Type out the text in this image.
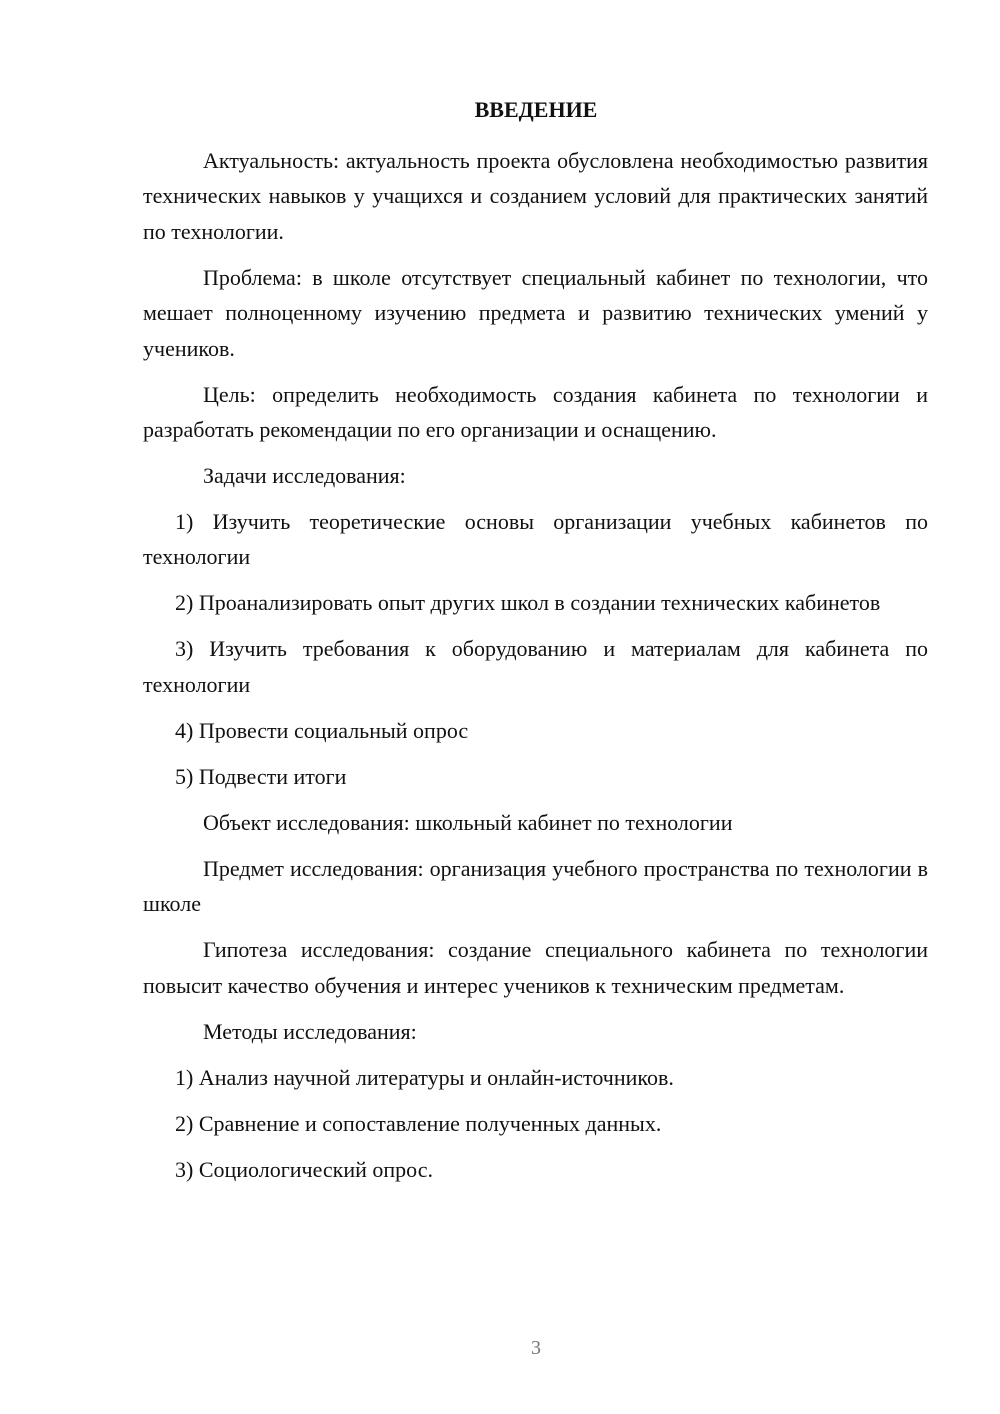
ВВЕДЕНИЕ

Актуальность: актуальность проекта обусловлена необходимостью развития технических навыков у учащихся и созданием условий для практических занятий по технологии.

Проблема: в школе отсутствует специальный кабинет по технологии, что мешает полноценному изучению предмета и развитию технических умений у учеников.

Цель: определить необходимость создания кабинета по технологии и разработать рекомендации по его организации и оснащению.

Задачи исследования:

1) Изучить теоретические основы организации учебных кабинетов по технологии

2) Проанализировать опыт других школ в создании технических кабинетов

3) Изучить требования к оборудованию и материалам для кабинета по технологии

4) Провести социальный опрос

5) Подвести итоги

Объект исследования: школьный кабинет по технологии

Предмет исследования: организация учебного пространства по технологии в школе

Гипотеза исследования: создание специального кабинета по технологии повысит качество обучения и интерес учеников к техническим предметам.

Методы исследования:

1) Анализ научной литературы и онлайн-источников.

2) Сравнение и сопоставление полученных данных.

3) Социологический опрос.

3
